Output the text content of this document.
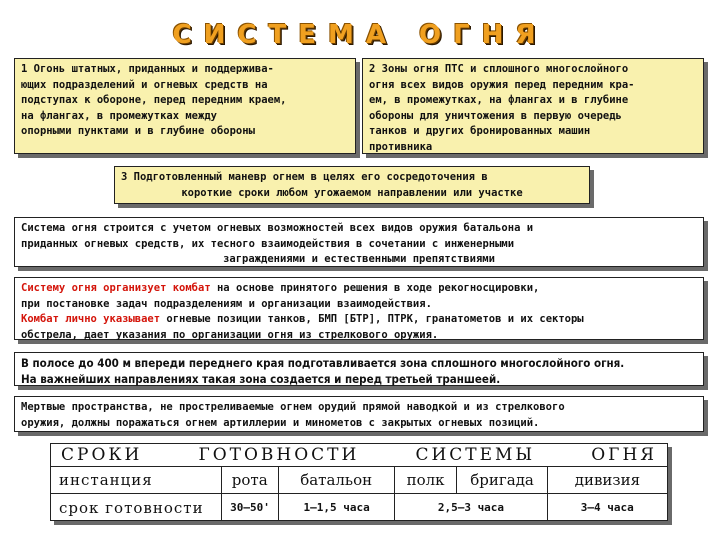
СИСТЕМА ОГНЯ
1 Огонь штатных, приданных и поддержива-
ющих подразделений и огневых средств на
подступах к обороне, перед передним краем,
на флангах, в промежутках между
опорными пунктами и в глубине обороны
2 Зоны огня ПТС и сплошного многослойного
огня всех видов оружия перед передним кра-
ем, в промежутках, на флангах и в глубине
обороны для уничтожения в первую очередь
танков и других бронированных машин
противника
3 Подготовленный маневр огнем в целях его сосредоточения в
короткие сроки любом угожаемом направлении или участке
Система огня строится с учетом огневых возможностей всех видов оружия батальона и
приданных огневых средств, их тесного взаимодействия в сочетании с инженерными
заграждениями и естественными препятствиями
Систему огня организует комбат на основе принятого решения в ходе рекогносцировки,
при постановке задач подразделениям и организации взаимодействия.
Комбат лично указывает огневые позиции танков, БМП [БТР], ПТРК, гранатометов и их секторы
обстрела, дает указания по организации огня из стрелкового оружия.
В полосе до 400 м впереди переднего края подготавливается зона сплошного многослойного огня.
На важнейших направлениях такая зона создается и перед третьей траншеей.
Мертвые пространства, не простреливаемые огнем орудий прямой наводкой и из стрелкового
оружия, должны поражаться огнем артиллерии и минометов с закрытых огневых позиций.
СРОКИ	ГОТОВНОСТИ	СИСТЕМЫ	ОГНЯ
инстанция	рота	батальон	полк	бригада	дивизия
срок готовности	30–50'	1–1,5 часа	2,5–3 часа	3–4 часа
